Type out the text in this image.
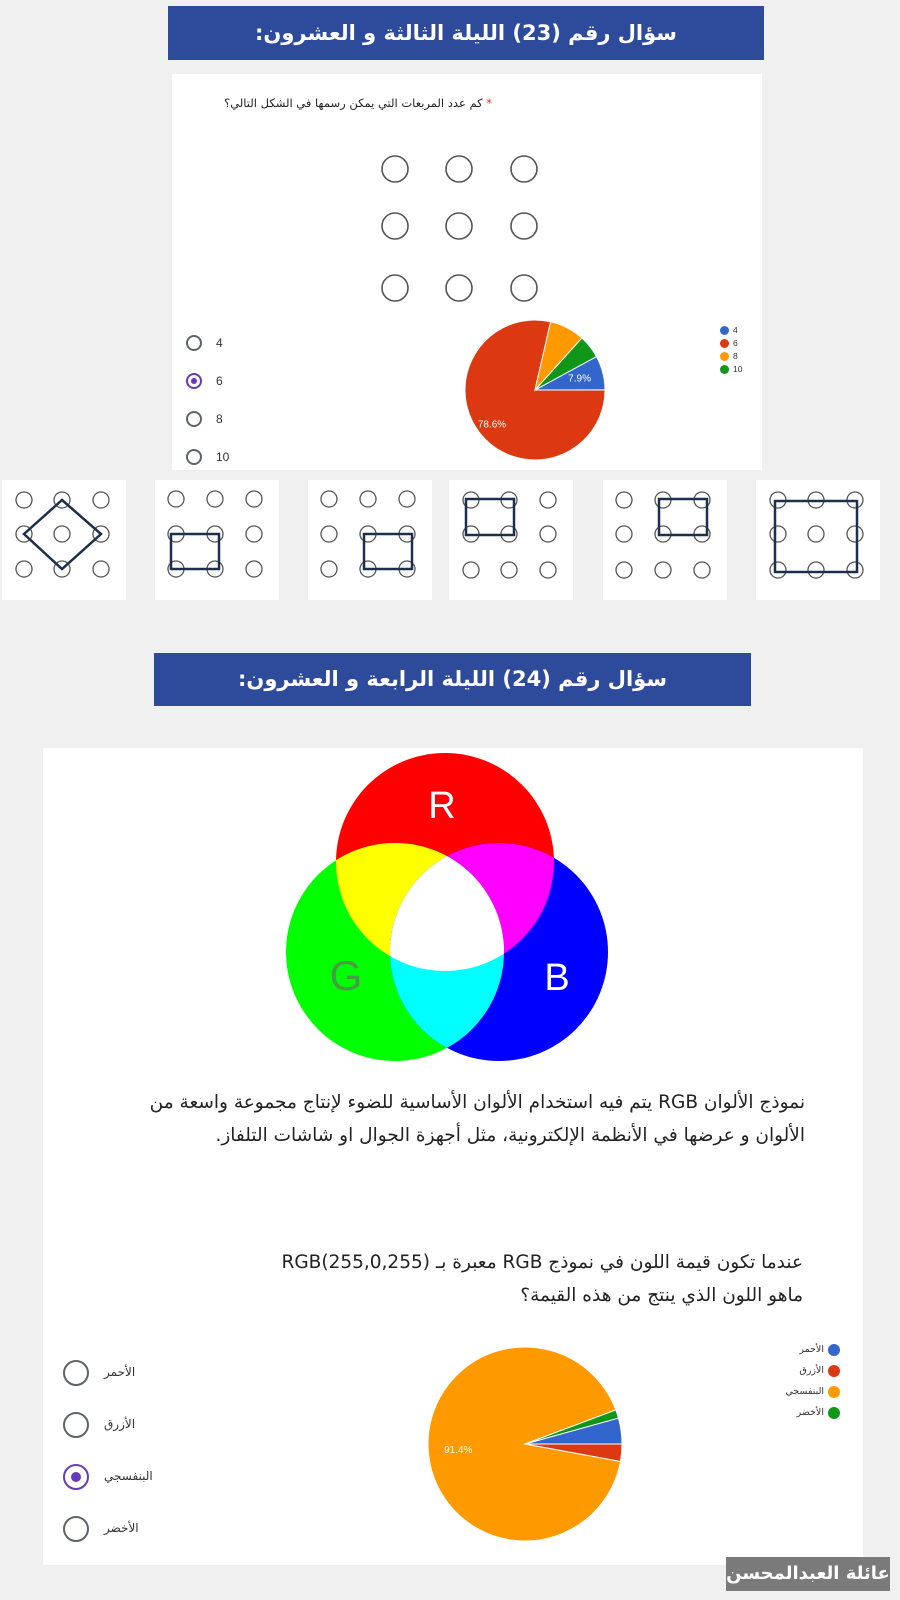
سؤال رقم (23) الليلة الثالثة و العشرون:
* كم عدد المربعات التي يمكن رسمها في الشكل التالي؟
4
6
8
10
7.9%
78.6%
4
6
8
10
سؤال رقم (24) الليلة الرابعة و العشرون:
R
G	B
نموذج الألوان RGB يتم فيه استخدام الألوان الأساسية للضوء لإنتاج مجموعة واسعة من الألوان و عرضها في الأنظمة الإلكترونية، مثل أجهزة الجوال او شاشات التلفاز.
عندما تكون قيمة اللون في نموذج RGB معبرة بـ (RGB(255,0,255
ماهو اللون الذي ينتج من هذه القيمة؟
الأحمر
الأزرق
البنفسجي
الأخضر
91.4%
الأحمر
الأزرق
البنفسجي
الأخضر
عائلة العبدالمحسن
